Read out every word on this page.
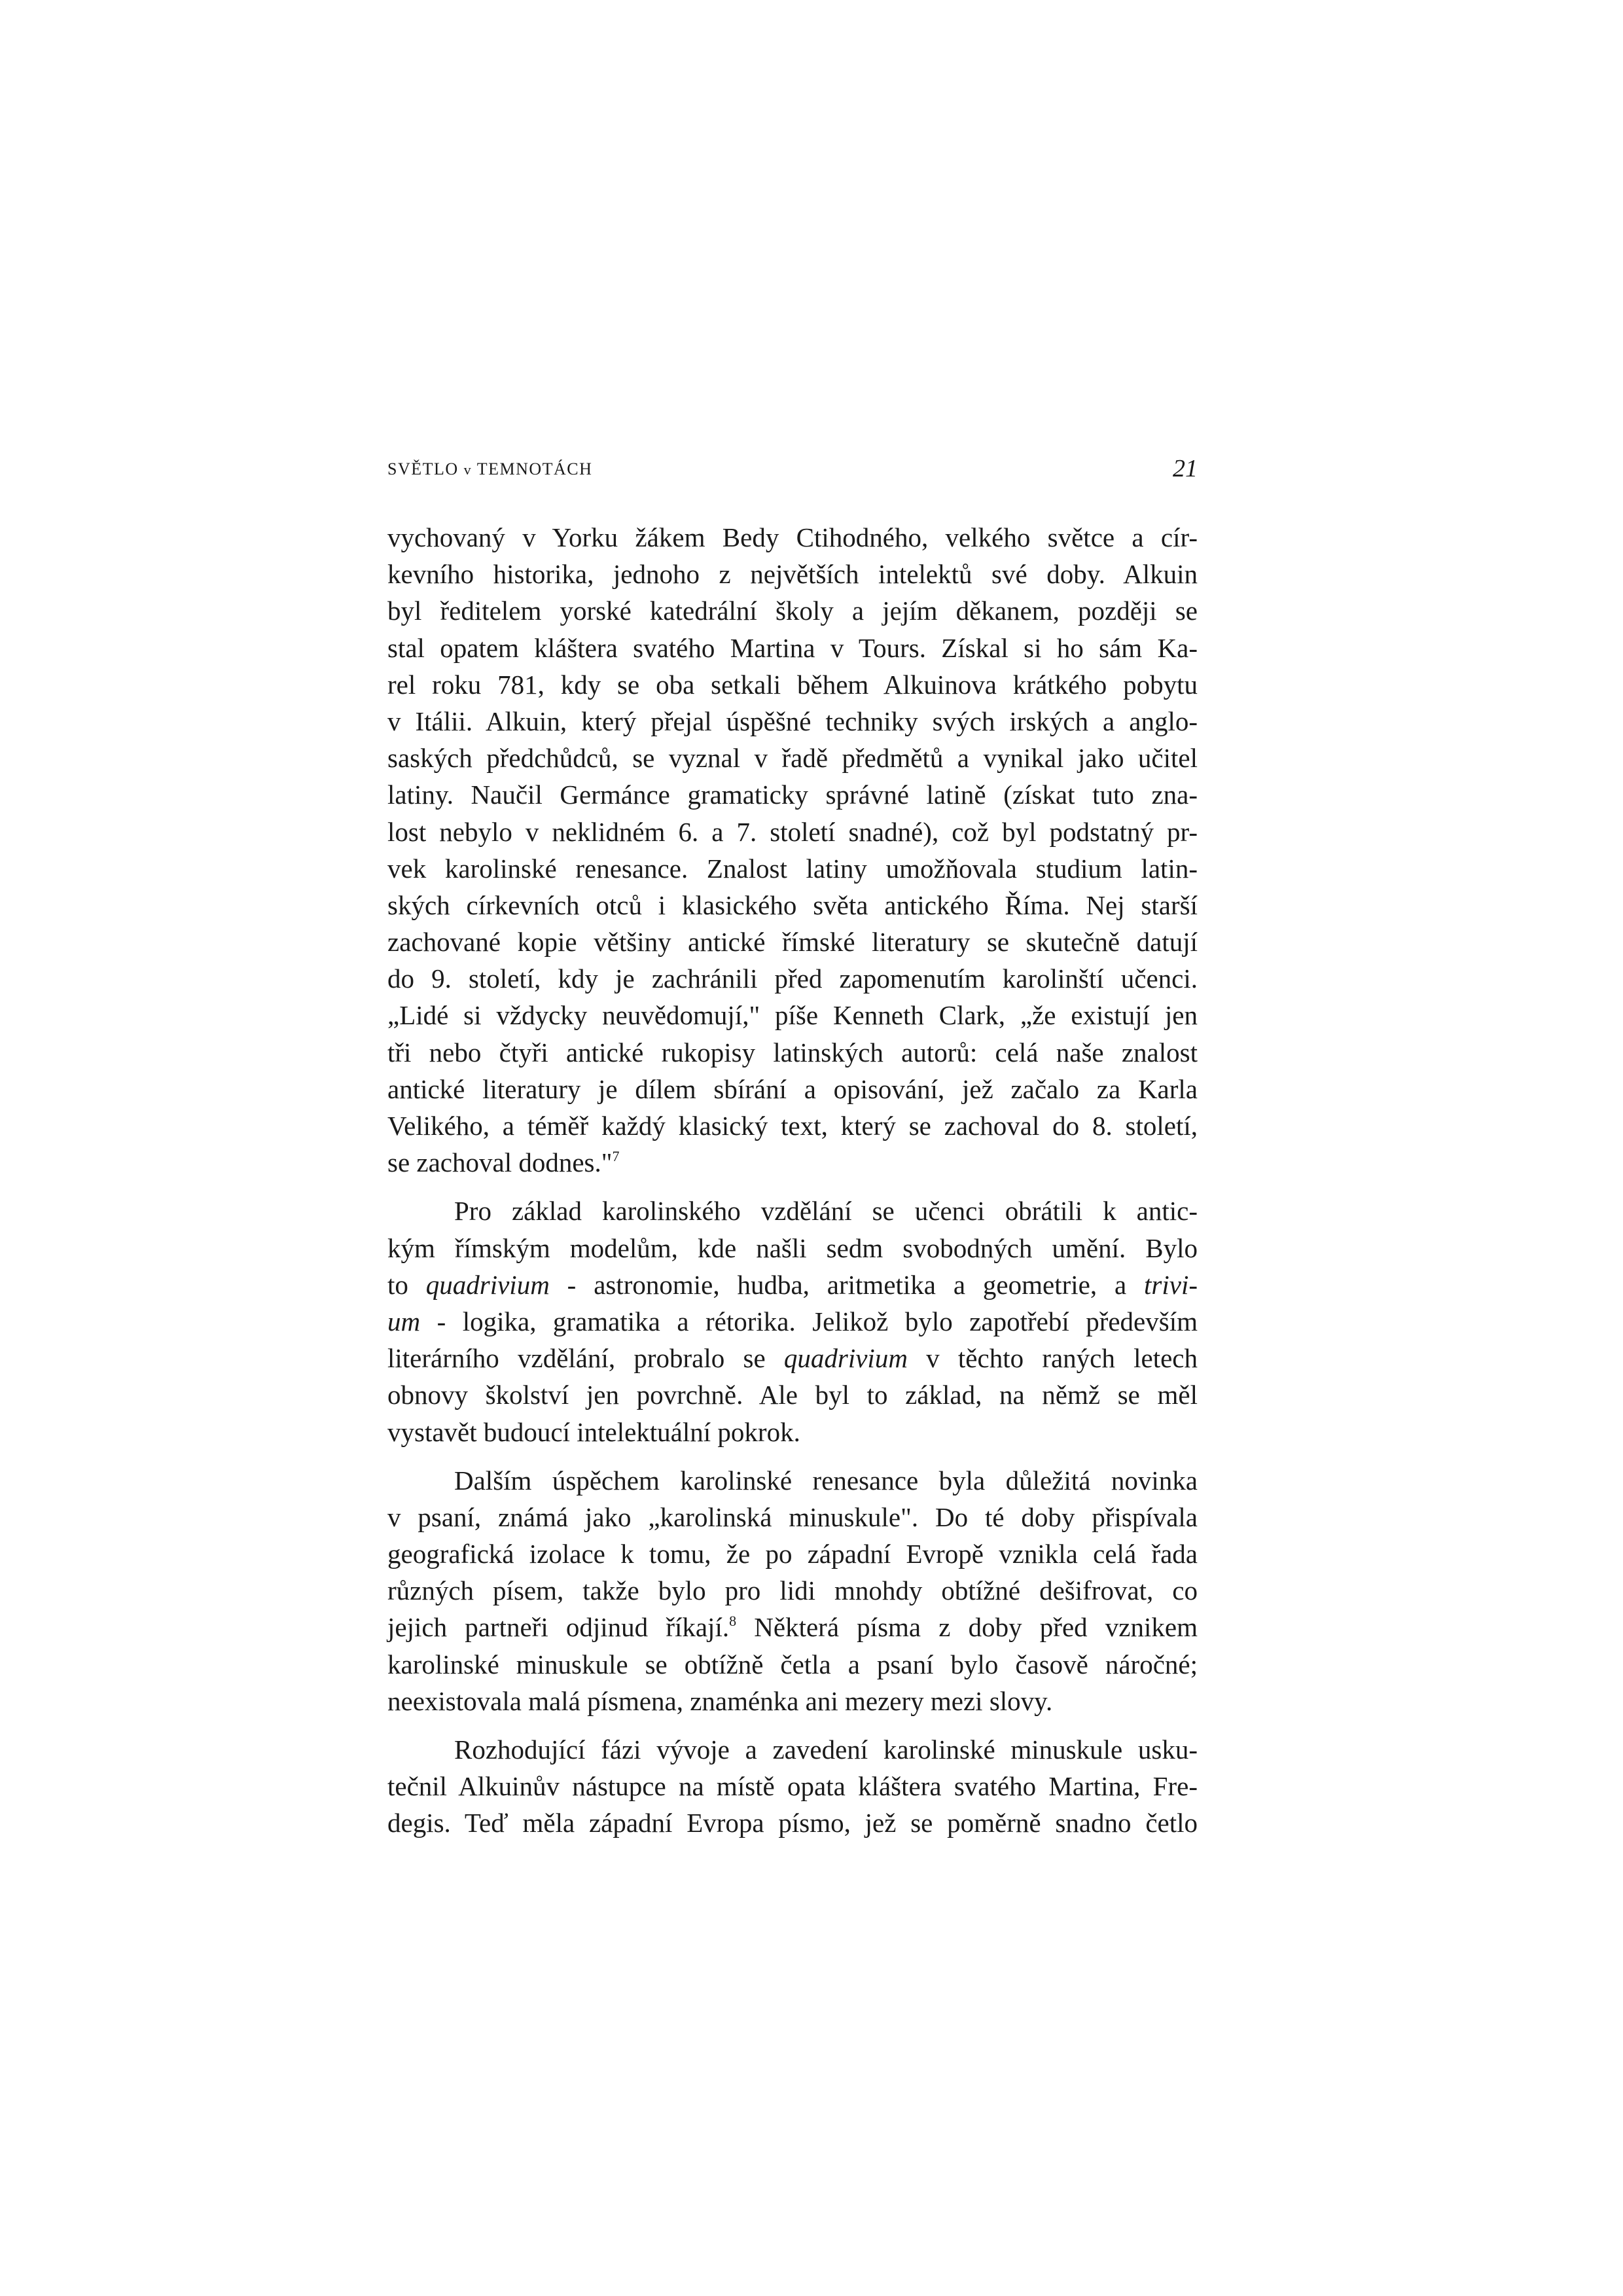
SVĚTLO v TEMNOTÁCH	21
vychovaný v Yorku žákem Bedy Ctihodného, velkého světce a cír-
kevního historika, jednoho z největších intelektů své doby. Alkuin
byl ředitelem yorské katedrální školy a jejím děkanem, později se
stal opatem kláštera svatého Martina v Tours. Získal si ho sám Ka-
rel roku 781, kdy se oba setkali během Alkuinova krátkého pobytu
v Itálii. Alkuin, který přejal úspěšné techniky svých irských a anglo-
saských předchůdců, se vyznal v řadě předmětů a vynikal jako učitel
latiny. Naučil Germánce gramaticky správné latině (získat tuto zna-
lost nebylo v neklidném 6. a 7. století snadné), což byl podstatný pr-
vek karolinské renesance. Znalost latiny umožňovala studium latin-
ských církevních otců i klasického světa antického Říma. Nej starší
zachované kopie většiny antické římské literatury se skutečně datují
do 9. století, kdy je zachránili před zapomenutím karolinští učenci.
„Lidé si vždycky neuvědomují," píše Kenneth Clark, „že existují jen
tři nebo čtyři antické rukopisy latinských autorů: celá naše znalost
antické literatury je dílem sbírání a opisování, jež začalo za Karla
Velikého, a téměř každý klasický text, který se zachoval do 8. století,
se zachoval dodnes."$^7$
Pro základ karolinského vzdělání se učenci obrátili k antic-
kým římským modelům, kde našli sedm svobodných umění. Bylo
to quadrivium - astronomie, hudba, aritmetika a geometrie, a trivi-
um - logika, gramatika a rétorika. Jelikož bylo zapotřebí především
literárního vzdělání, probralo se quadrivium v těchto raných letech
obnovy školství jen povrchně. Ale byl to základ, na němž se měl
vystavět budoucí intelektuální pokrok.
Dalším úspěchem karolinské renesance byla důležitá novinka
v psaní, známá jako „karolinská minuskule". Do té doby přispívala
geografická izolace k tomu, že po západní Evropě vznikla celá řada
různých písem, takže bylo pro lidi mnohdy obtížné dešifrovat, co
jejich partneři odjinud říkají.$^8$ Některá písma z doby před vznikem
karolinské minuskule se obtížně četla a psaní bylo časově náročné;
neexistovala malá písmena, znaménka ani mezery mezi slovy.
Rozhodující fázi vývoje a zavedení karolinské minuskule usku-
tečnil Alkuinův nástupce na místě opata kláštera svatého Martina, Fre-
degis. Teď měla západní Evropa písmo, jež se poměrně snadno četlo
